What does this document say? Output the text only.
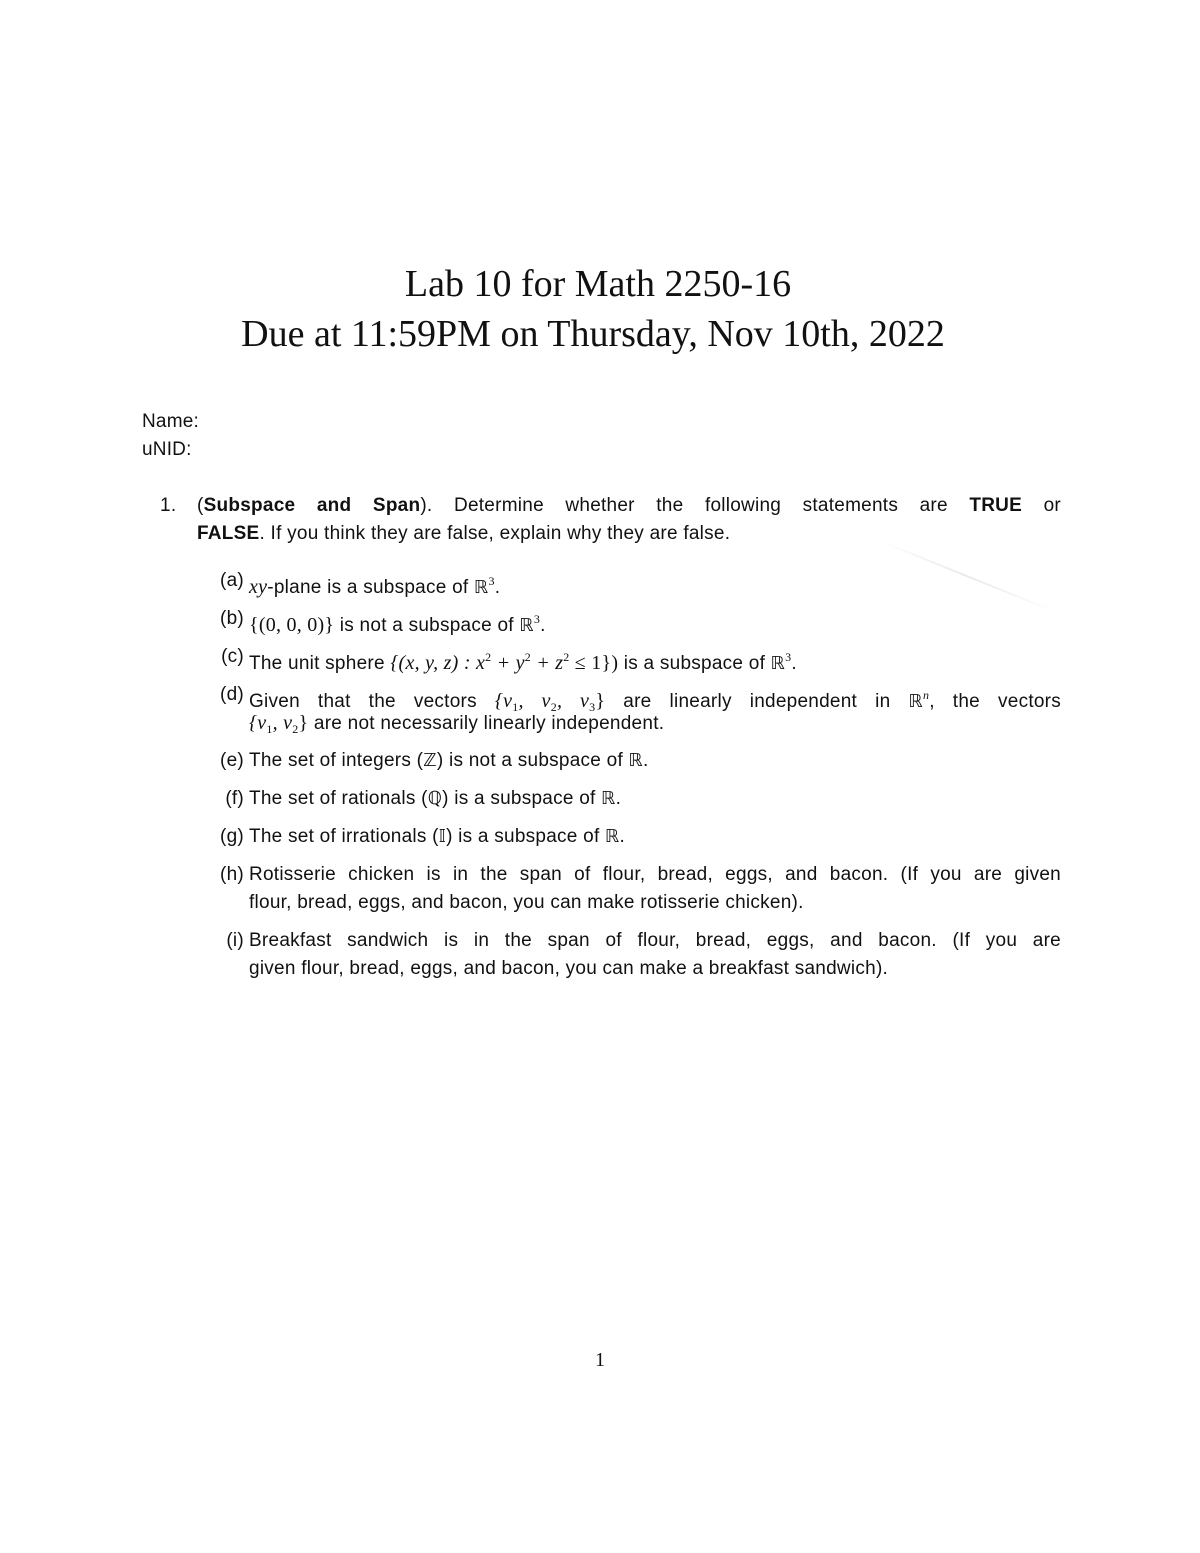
Lab 10 for Math 2250-16
Due at 11:59PM on Thursday, Nov 10th, 2022
Name:
uNID:
1. (Subspace and Span). Determine whether the following statements are TRUE or
FALSE. If you think they are false, explain why they are false.
(a) xy-plane is a subspace of ℝ$^3$.
(b) {(0, 0, 0)} is not a subspace of ℝ$^3$.
(c) The unit sphere {(x, y, z) : $x^2 + y^2 + z^2 \le 1$}) is a subspace of ℝ$^3$.
(d) Given that the vectors {$v_1$, $v_2$, $v_3$} are linearly independent in ℝ$^n$, the vectors
{$v_1$, $v_2$} are not necessarily linearly independent.
(e) The set of integers (ℤ) is not a subspace of ℝ.
(f) The set of rationals (ℚ) is a subspace of ℝ.
(g) The set of irrationals (𝕀) is a subspace of ℝ.
(h) Rotisserie chicken is in the span of flour, bread, eggs, and bacon. (If you are given
flour, bread, eggs, and bacon, you can make rotisserie chicken).
(i) Breakfast sandwich is in the span of flour, bread, eggs, and bacon. (If you are
given flour, bread, eggs, and bacon, you can make a breakfast sandwich).
1
